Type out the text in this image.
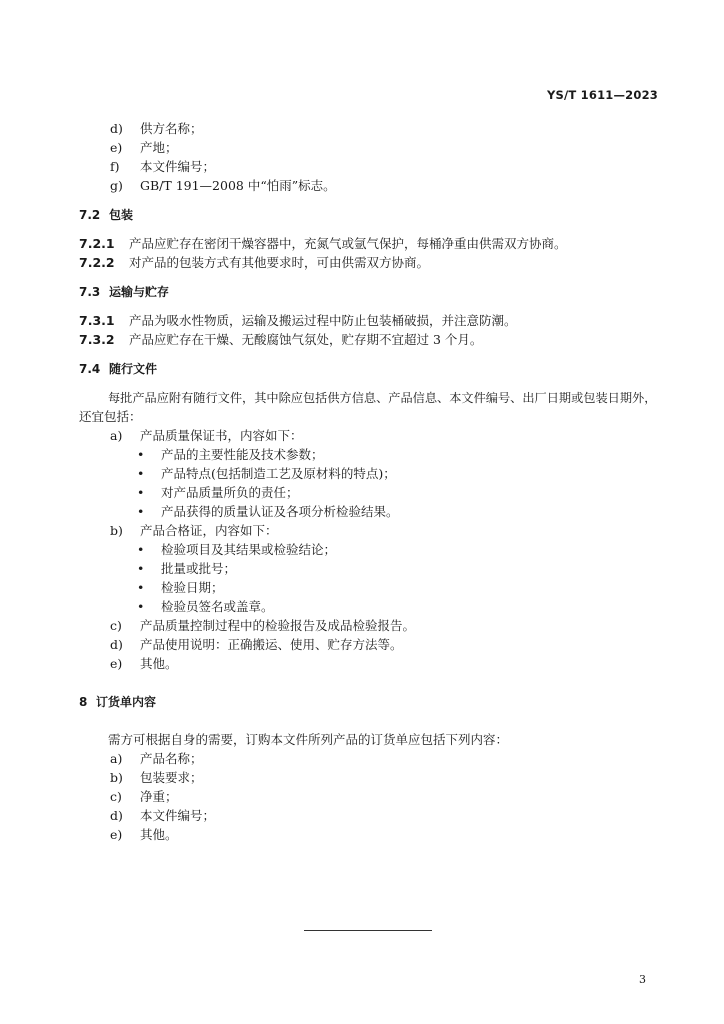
YS/T 1611—2023
d) 供方名称；
e) 产地；
f) 本文件编号；
g) GB/T 191—2008 中“怕雨”标志。
7.2 包装
7.2.1 产品应贮存在密闭干燥容器中，充氮气或氩气保护，每桶净重由供需双方协商。
7.2.2 对产品的包装方式有其他要求时，可由供需双方协商。
7.3 运输与贮存
7.3.1 产品为吸水性物质，运输及搬运过程中防止包装桶破损，并注意防潮。
7.3.2 产品应贮存在干燥、无酸腐蚀气氛处，贮存期不宜超过 3 个月。
7.4 随行文件
每批产品应附有随行文件，其中除应包括供方信息、产品信息、本文件编号、出厂日期或包装日期外，
还宜包括：
a) 产品质量保证书，内容如下：
• 产品的主要性能及技术参数；
• 产品特点(包括制造工艺及原材料的特点)；
• 对产品质量所负的责任；
• 产品获得的质量认证及各项分析检验结果。
b) 产品合格证，内容如下：
• 检验项目及其结果或检验结论；
• 批量或批号；
• 检验日期；
• 检验员签名或盖章。
c) 产品质量控制过程中的检验报告及成品检验报告。
d) 产品使用说明：正确搬运、使用、贮存方法等。
e) 其他。
8 订货单内容
需方可根据自身的需要，订购本文件所列产品的订货单应包括下列内容：
a) 产品名称；
b) 包装要求；
c) 净重；
d) 本文件编号；
e) 其他。
3
